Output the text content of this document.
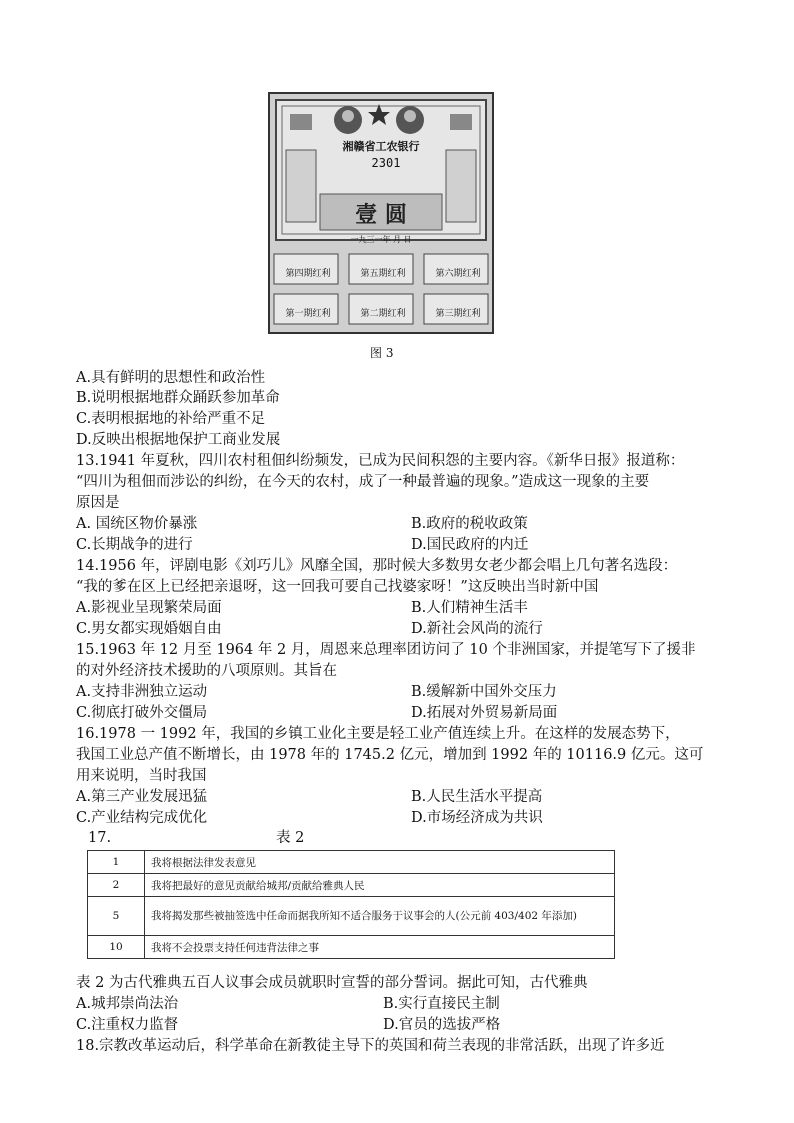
湘赣省工农银行
2301
壹 圆
一九三一年 月 日
第四期红利	第五期红利	第六期红利
第一期红利	第二期红利	第三期红利
图 3
A.具有鲜明的思想性和政治性
B.说明根据地群众踊跃参加革命
C.表明根据地的补给严重不足
D.反映出根据地保护工商业发展
13.1941 年夏秋，四川农村租佃纠纷频发，已成为民间积怨的主要内容。《新华日报》报道称：
“四川为租佃而涉讼的纠纷，在今天的农村，成了一种最普遍的现象。”造成这一现象的主要
原因是
A. 国统区物价暴涨	B.政府的税收政策
C.长期战争的进行	D.国民政府的内迁
14.1956 年，评剧电影《刘巧儿》风靡全国，那时候大多数男女老少都会唱上几句著名选段：
“我的爹在区上已经把亲退呀，这一回我可要自己找婆家呀！”这反映出当时新中国
A.影视业呈现繁荣局面	B.人们精神生活丰
C.男女都实现婚姻自由	D.新社会风尚的流行
15.1963 年 12 月至 1964 年 2 月，周恩来总理率团访问了 10 个非洲国家，并提笔写下了援非
的对外经济技术援助的八项原则。其旨在
A.支持非洲独立运动	B.缓解新中国外交压力
C.彻底打破外交僵局	D.拓展对外贸易新局面
16.1978 一 1992 年，我国的乡镇工业化主要是轻工业产值连续上升。在这样的发展态势下，
我国工业总产值不断增长，由 1978 年的 1745.2 亿元，增加到 1992 年的 10116.9 亿元。这可
用来说明，当时我国
A.第三产业发展迅猛	B.人民生活水平提高
C.产业结构完成优化	D.市场经济成为共识
17.	表 2
1	我将根据法律发表意见
2	我将把最好的意见贡献给城邦/贡献给雅典人民
5	我将揭发那些被抽签选中任命而据我所知不适合服务于议事会的人(公元前 403/402 年添加)
10	我将不会投票支持任何违背法律之事
表 2 为古代雅典五百人议事会成员就职时宣誓的部分誓词。据此可知，古代雅典
A.城邦崇尚法治	B.实行直接民主制
C.注重权力监督	D.官员的选拔严格
18.宗教改革运动后，科学革命在新教徒主导下的英国和荷兰表现的非常活跃，出现了许多近
